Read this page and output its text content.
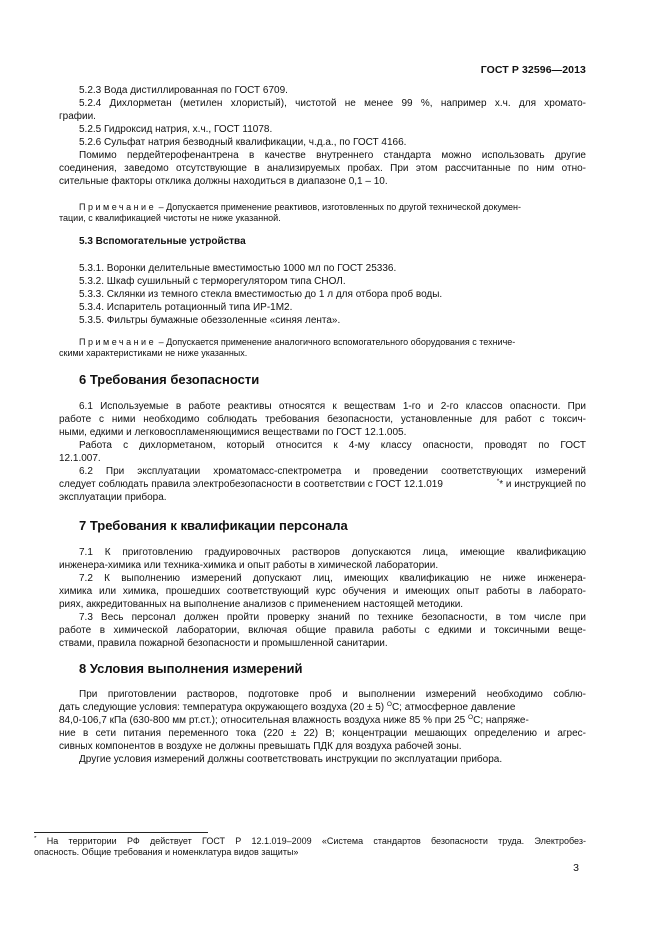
ГОСТ Р 32596—2013
5.2.3 Вода дистиллированная по ГОСТ 6709.
5.2.4 Дихлорметан (метилен хлористый), чистотой не менее 99 %, например х.ч. для хромато-
графии.
5.2.5 Гидроксид натрия, х.ч., ГОСТ 11078.
5.2.6 Сульфат натрия безводный квалификации, ч.д.а., по ГОСТ 4166.
Помимо пердейтерофенантрена в качестве внутреннего стандарта можно использовать другие
соединения, заведомо отсутствующие в анализируемых пробах. При этом рассчитанные по ним отно-
сительные факторы отклика должны находиться в диапазоне 0,1 – 10.
Примечание – Допускается применение реактивов, изготовленных по другой технической докумен-
тации, с квалификацией чистоты не ниже указанной.
5.3 Вспомогательные устройства
5.3.1. Воронки делительные вместимостью 1000 мл по ГОСТ 25336.
5.3.2. Шкаф сушильный с терморегулятором типа СНОЛ.
5.3.3. Склянки из темного стекла вместимостью до 1 л для отбора проб воды.
5.3.4. Испаритель ротационный типа ИР-1М2.
5.3.5. Фильтры бумажные обеззоленные «синяя лента».
Примечание – Допускается применение аналогичного вспомогательного оборудования с техниче-
скими характеристиками не ниже указанных.
6 Требования безопасности
6.1 Используемые в работе реактивы относятся к веществам 1-го и 2-го классов опасности. При
работе с ними необходимо соблюдать требования безопасности, установленные для работ с токсич-
ными, едкими и легковоспламеняющимися веществами по ГОСТ 12.1.005.
Работа с дихлорметаном, который относится к 4-му классу опасности, проводят по ГОСТ
12.1.007.
6.2 При эксплуатации хроматомасс-спектрометра и проведении соответствующих измерений
следует соблюдать правила электробезопасности в соответствии с ГОСТ 12.1.019	** и инструкцией по
эксплуатации прибора.
7 Требования к квалификации персонала
7.1 К приготовлению градуировочных растворов допускаются лица, имеющие квалификацию
инженера-химика или техника-химика и опыт работы в химической лаборатории.
7.2 К выполнению измерений допускают лиц, имеющих квалификацию не ниже инженера-
химика или химика, прошедших соответствующий курс обучения и имеющих опыт работы в лаборато-
риях, аккредитованных на выполнение анализов с применением настоящей методики.
7.3 Весь персонал должен пройти проверку знаний по технике безопасности, в том числе при
работе в химической лаборатории, включая общие правила работы с едкими и токсичными веще-
ствами, правила пожарной безопасности и промышленной санитарии.
8 Условия выполнения измерений
При приготовлении растворов, подготовке проб и выполнении измерений необходимо соблю-
дать следующие условия: температура окружающего воздуха (20 ± 5) $^O$С; атмосферное давление
84,0-106,7 кПа (630-800 мм рт.ст.); относительная влажность воздуха ниже 85 % при 25 $^O$С; напряже-
ние в сети питания переменного тока (220 ± 22) В; концентрации мешающих определению и агрес-
сивных компонентов в воздухе не должны превышать ПДК для воздуха рабочей зоны.
Другие условия измерений должны соответствовать инструкции по эксплуатации прибора.
* На территории РФ действует ГОСТ Р 12.1.019–2009 «Система стандартов безопасности труда. Электробез-
опасность. Общие требования и номенклатура видов защиты»
3
